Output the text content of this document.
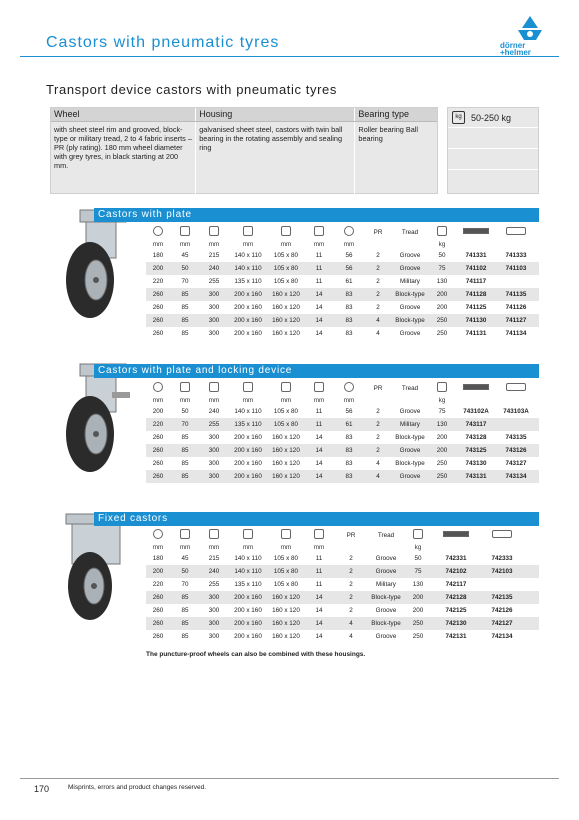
Castors with pneumatic tyres	dörner
+helmer
Transport device castors with pneumatic tyres
Wheel	Housing	Bearing type
with sheet steel rim and grooved, block-type or military tread, 2 to 4 fabric inserts – PR (ply rating). 180 mm wheel diameter with grey tyres, in black starting at 200 mm.
galvanised sheet steel, castors with twin ball bearing in the rotating assembly and sealing ring
Roller bearing Ball bearing
kg	50-250 kg
Castors with plate
PR	Tread
mm	mm	mm	mm	mm	mm	mm	kg
180	45	215	140 x 110	105 x 80	11	56	2	Groove	50	741331	741333
200	50	240	140 x 110	105 x 80	11	56	2	Groove	75	741102	741103
220	70	255	135 x 110	105 x 80	11	61	2	Military	130	741117
260	85	300	200 x 160	160 x 120	14	83	2	Block-type	200	741128	741135
260	85	300	200 x 160	160 x 120	14	83	2	Groove	200	741125	741126
260	85	300	200 x 160	160 x 120	14	83	4	Block-type	250	741130	741127
260	85	300	200 x 160	160 x 120	14	83	4	Groove	250	741131	741134
Castors with plate and locking device
PR	Tread
mm	mm	mm	mm	mm	mm	mm	kg
200	50	240	140 x 110	105 x 80	11	56	2	Groove	75	743102A	743103A
220	70	255	135 x 110	105 x 80	11	61	2	Military	130	743117
260	85	300	200 x 160	160 x 120	14	83	2	Block-type	200	743128	743135
260	85	300	200 x 160	160 x 120	14	83	2	Groove	200	743125	743126
260	85	300	200 x 160	160 x 120	14	83	4	Block-type	250	743130	743127
260	85	300	200 x 160	160 x 120	14	83	4	Groove	250	743131	743134
Fixed castors
PR	Tread
mm	mm	mm	mm	mm	mm	kg
180	45	215	140 x 110	105 x 80	11	2	Groove	50	742331	742333
200	50	240	140 x 110	105 x 80	11	2	Groove	75	742102	742103
220	70	255	135 x 110	105 x 80	11	2	Military	130	742117
260	85	300	200 x 160	160 x 120	14	2	Block-type	200	742128	742135
260	85	300	200 x 160	160 x 120	14	2	Groove	200	742125	742126
260	85	300	200 x 160	160 x 120	14	4	Block-type	250	742130	742127
260	85	300	200 x 160	160 x 120	14	4	Groove	250	742131	742134
The puncture-proof wheels can also be combined with these housings.
170	Misprints, errors and product changes reserved.
